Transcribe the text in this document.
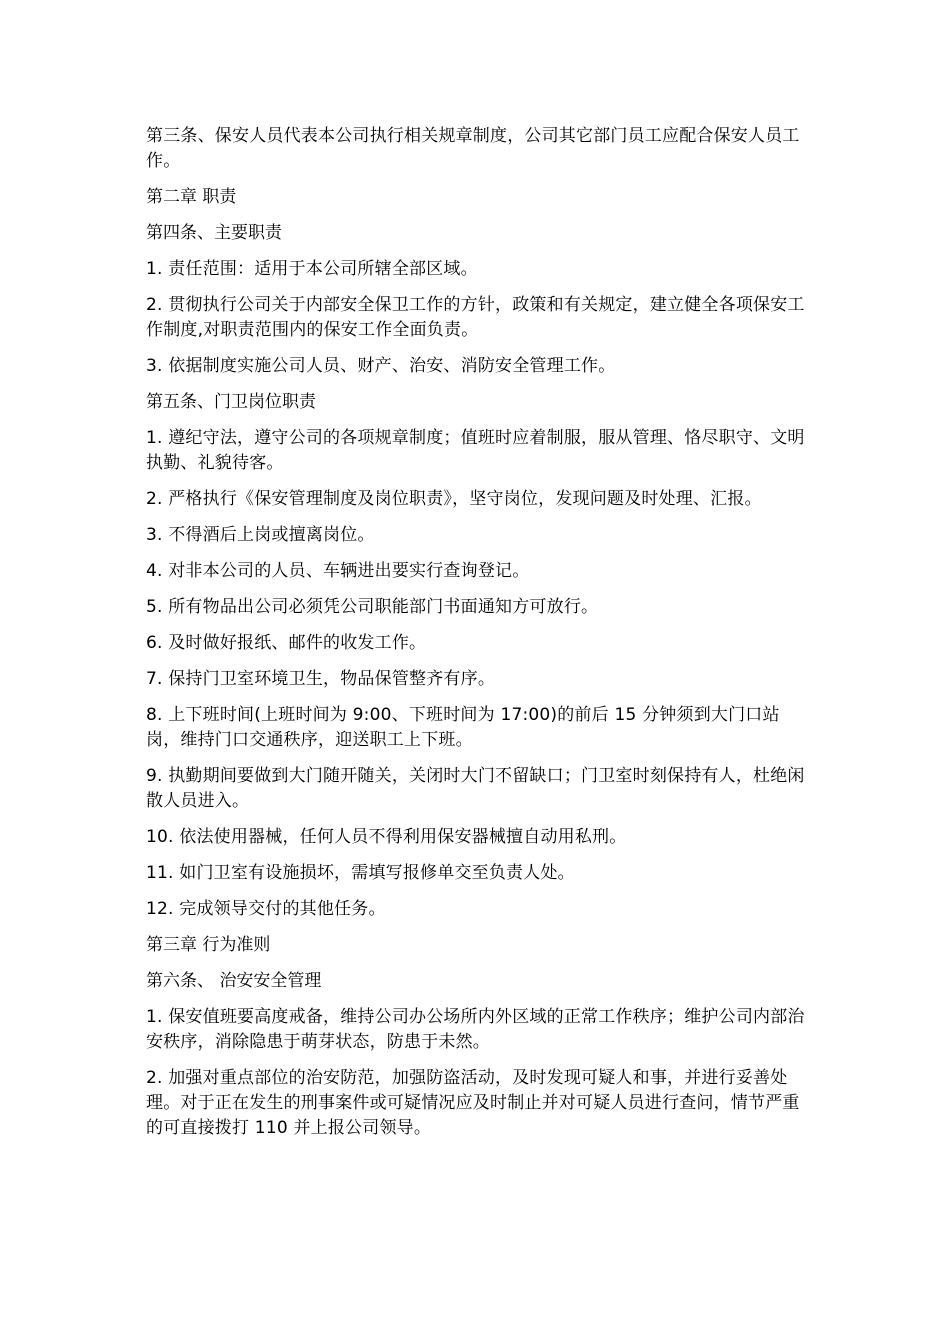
第三条、保安人员代表本公司执行相关规章制度，公司其它部门员工应配合保安人员工作。

第二章 职责

第四条、主要职责

1. 责任范围：适用于本公司所辖全部区域。

2. 贯彻执行公司关于内部安全保卫工作的方针，政策和有关规定，建立健全各项保安工作制度,对职责范围内的保安工作全面负责。

3. 依据制度实施公司人员、财产、治安、消防安全管理工作。

第五条、门卫岗位职责

1. 遵纪守法，遵守公司的各项规章制度；值班时应着制服，服从管理、恪尽职守、文明执勤、礼貌待客。

2. 严格执行《保安管理制度及岗位职责》，坚守岗位，发现问题及时处理、汇报。

3. 不得酒后上岗或擅离岗位。

4. 对非本公司的人员、车辆进出要实行查询登记。

5. 所有物品出公司必须凭公司职能部门书面通知方可放行。

6. 及时做好报纸、邮件的收发工作。

7. 保持门卫室环境卫生，物品保管整齐有序。

8. 上下班时间(上班时间为 9:00、下班时间为 17:00)的前后 15 分钟须到大门口站岗，维持门口交通秩序，迎送职工上下班。

9. 执勤期间要做到大门随开随关，关闭时大门不留缺口；门卫室时刻保持有人，杜绝闲散人员进入。

10. 依法使用器械，任何人员不得利用保安器械擅自动用私刑。

11. 如门卫室有设施损坏，需填写报修单交至负责人处。

12. 完成领导交付的其他任务。

第三章 行为准则

第六条、 治安安全管理

1. 保安值班要高度戒备，维持公司办公场所内外区域的正常工作秩序；维护公司内部治安秩序，消除隐患于萌芽状态，防患于未然。

2. 加强对重点部位的治安防范，加强防盗活动，及时发现可疑人和事，并进行妥善处理。对于正在发生的刑事案件或可疑情况应及时制止并对可疑人员进行查问，情节严重的可直接拨打 110 并上报公司领导。
